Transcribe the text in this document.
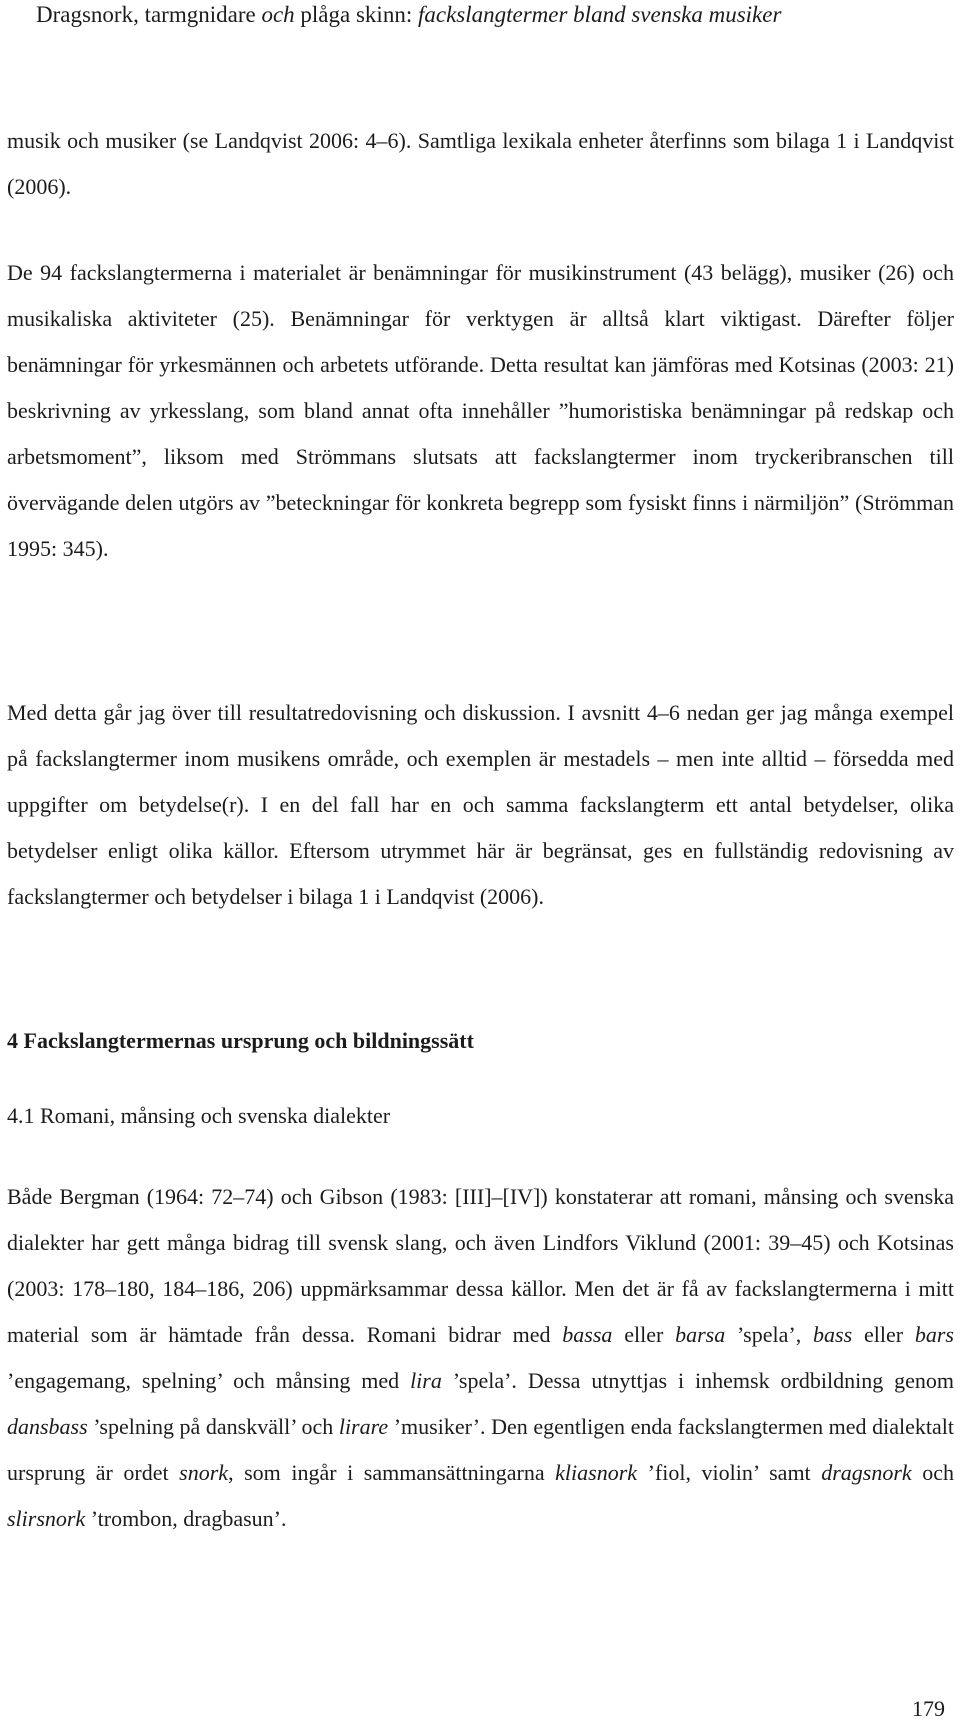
Dragsnork, tarmgnidare och plåga skinn: fackslangtermer bland svenska musiker

musik och musiker (se Landqvist 2006: 4–6). Samtliga lexikala enheter återfinns som bilaga 1 i Landqvist (2006).

De 94 fackslangtermerna i materialet är benämningar för musikinstrument (43 belägg), musiker (26) och musikaliska aktiviteter (25). Benämningar för verktygen är alltså klart viktigast. Därefter följer benämningar för yrkesmännen och arbetets utförande. Detta resultat kan jämföras med Kotsinas (2003: 21) beskrivning av yrkesslang, som bland annat ofta innehåller ”humoristiska benämningar på redskap och arbetsmoment”, liksom med Strömmans slutsats att fackslangtermer inom tryckeribranschen till övervägande delen utgörs av ”beteckningar för konkreta begrepp som fysiskt finns i närmiljön” (Strömman 1995: 345).

Med detta går jag över till resultatredovisning och diskussion. I avsnitt 4–6 nedan ger jag många exempel på fackslangtermer inom musikens område, och exemplen är mestadels – men inte alltid – försedda med uppgifter om betydelse(r). I en del fall har en och samma fackslangterm ett antal betydelser, olika betydelser enligt olika källor. Eftersom utrymmet här är begränsat, ges en fullständig redovisning av fackslangtermer och betydelser i bilaga 1 i Landqvist (2006).

4 Fackslangtermernas ursprung och bildningssätt
4.1 Romani, månsing och svenska dialekter

Både Bergman (1964: 72–74) och Gibson (1983: [III]–[IV]) konstaterar att romani, månsing och svenska dialekter har gett många bidrag till svensk slang, och även Lindfors Viklund (2001: 39–45) och Kotsinas (2003: 178–180, 184–186, 206) uppmärksammar dessa källor. Men det är få av fackslangtermerna i mitt material som är hämtade från dessa. Romani bidrar med bassa eller barsa ’spela’, bass eller bars ’engagemang, spelning’ och månsing med lira ’spela’. Dessa utnyttjas i inhemsk ordbildning genom dansbass ’spelning på danskväll’ och lirare ’musiker’. Den egentligen enda fackslangtermen med dialektalt ursprung är ordet snork, som ingår i sammansättningarna kliasnork ’fiol, violin’ samt dragsnork och slirsnork ’trombon, dragbasun’.

179
